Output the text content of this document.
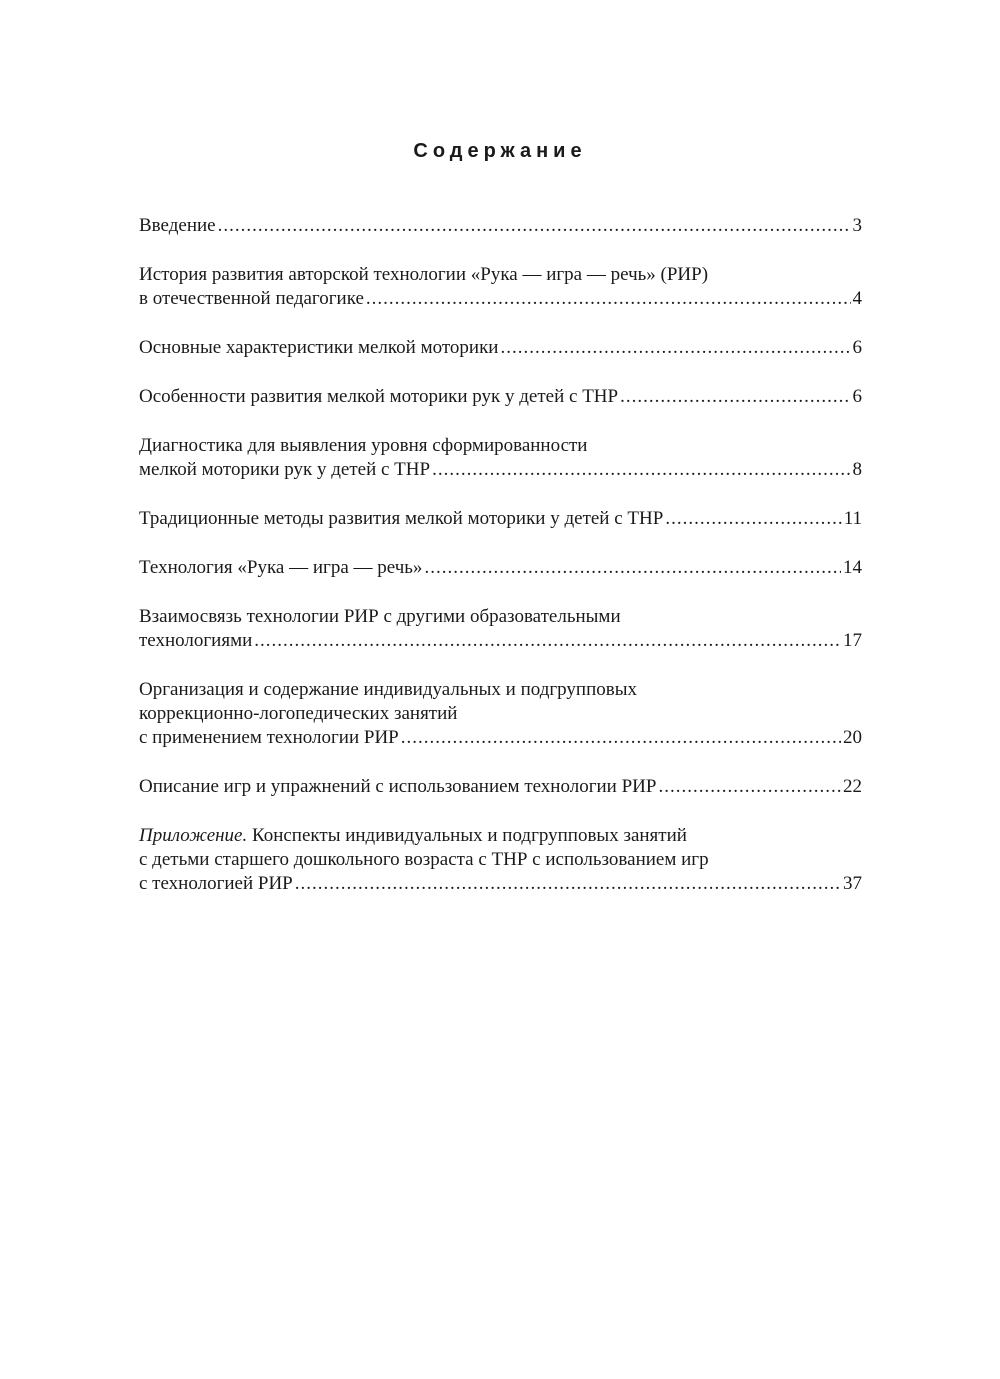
Содержание
Введение .....	3
История развития авторской технологии «Рука — игра — речь» (РИР)
в отечественной педагогике .....	4
Основные характеристики мелкой моторики .....	6
Особенности развития мелкой моторики рук у детей с ТНР .....	6
Диагностика для выявления уровня сформированности
мелкой моторики рук у детей с ТНР .....	8
Традиционные методы развития мелкой моторики у детей с ТНР .....	11
Технология «Рука — игра — речь» .....	14
Взаимосвязь технологии РИР с другими образовательными
технологиями .....	17
Организация и содержание индивидуальных и подгрупповых
коррекционно-логопедических занятий
с применением технологии РИР .....	20
Описание игр и упражнений с использованием технологии РИР .....	22
Приложение. Конспекты индивидуальных и подгрупповых занятий
с детьми старшего дошкольного возраста с ТНР с использованием игр
с технологией РИР .....	37
